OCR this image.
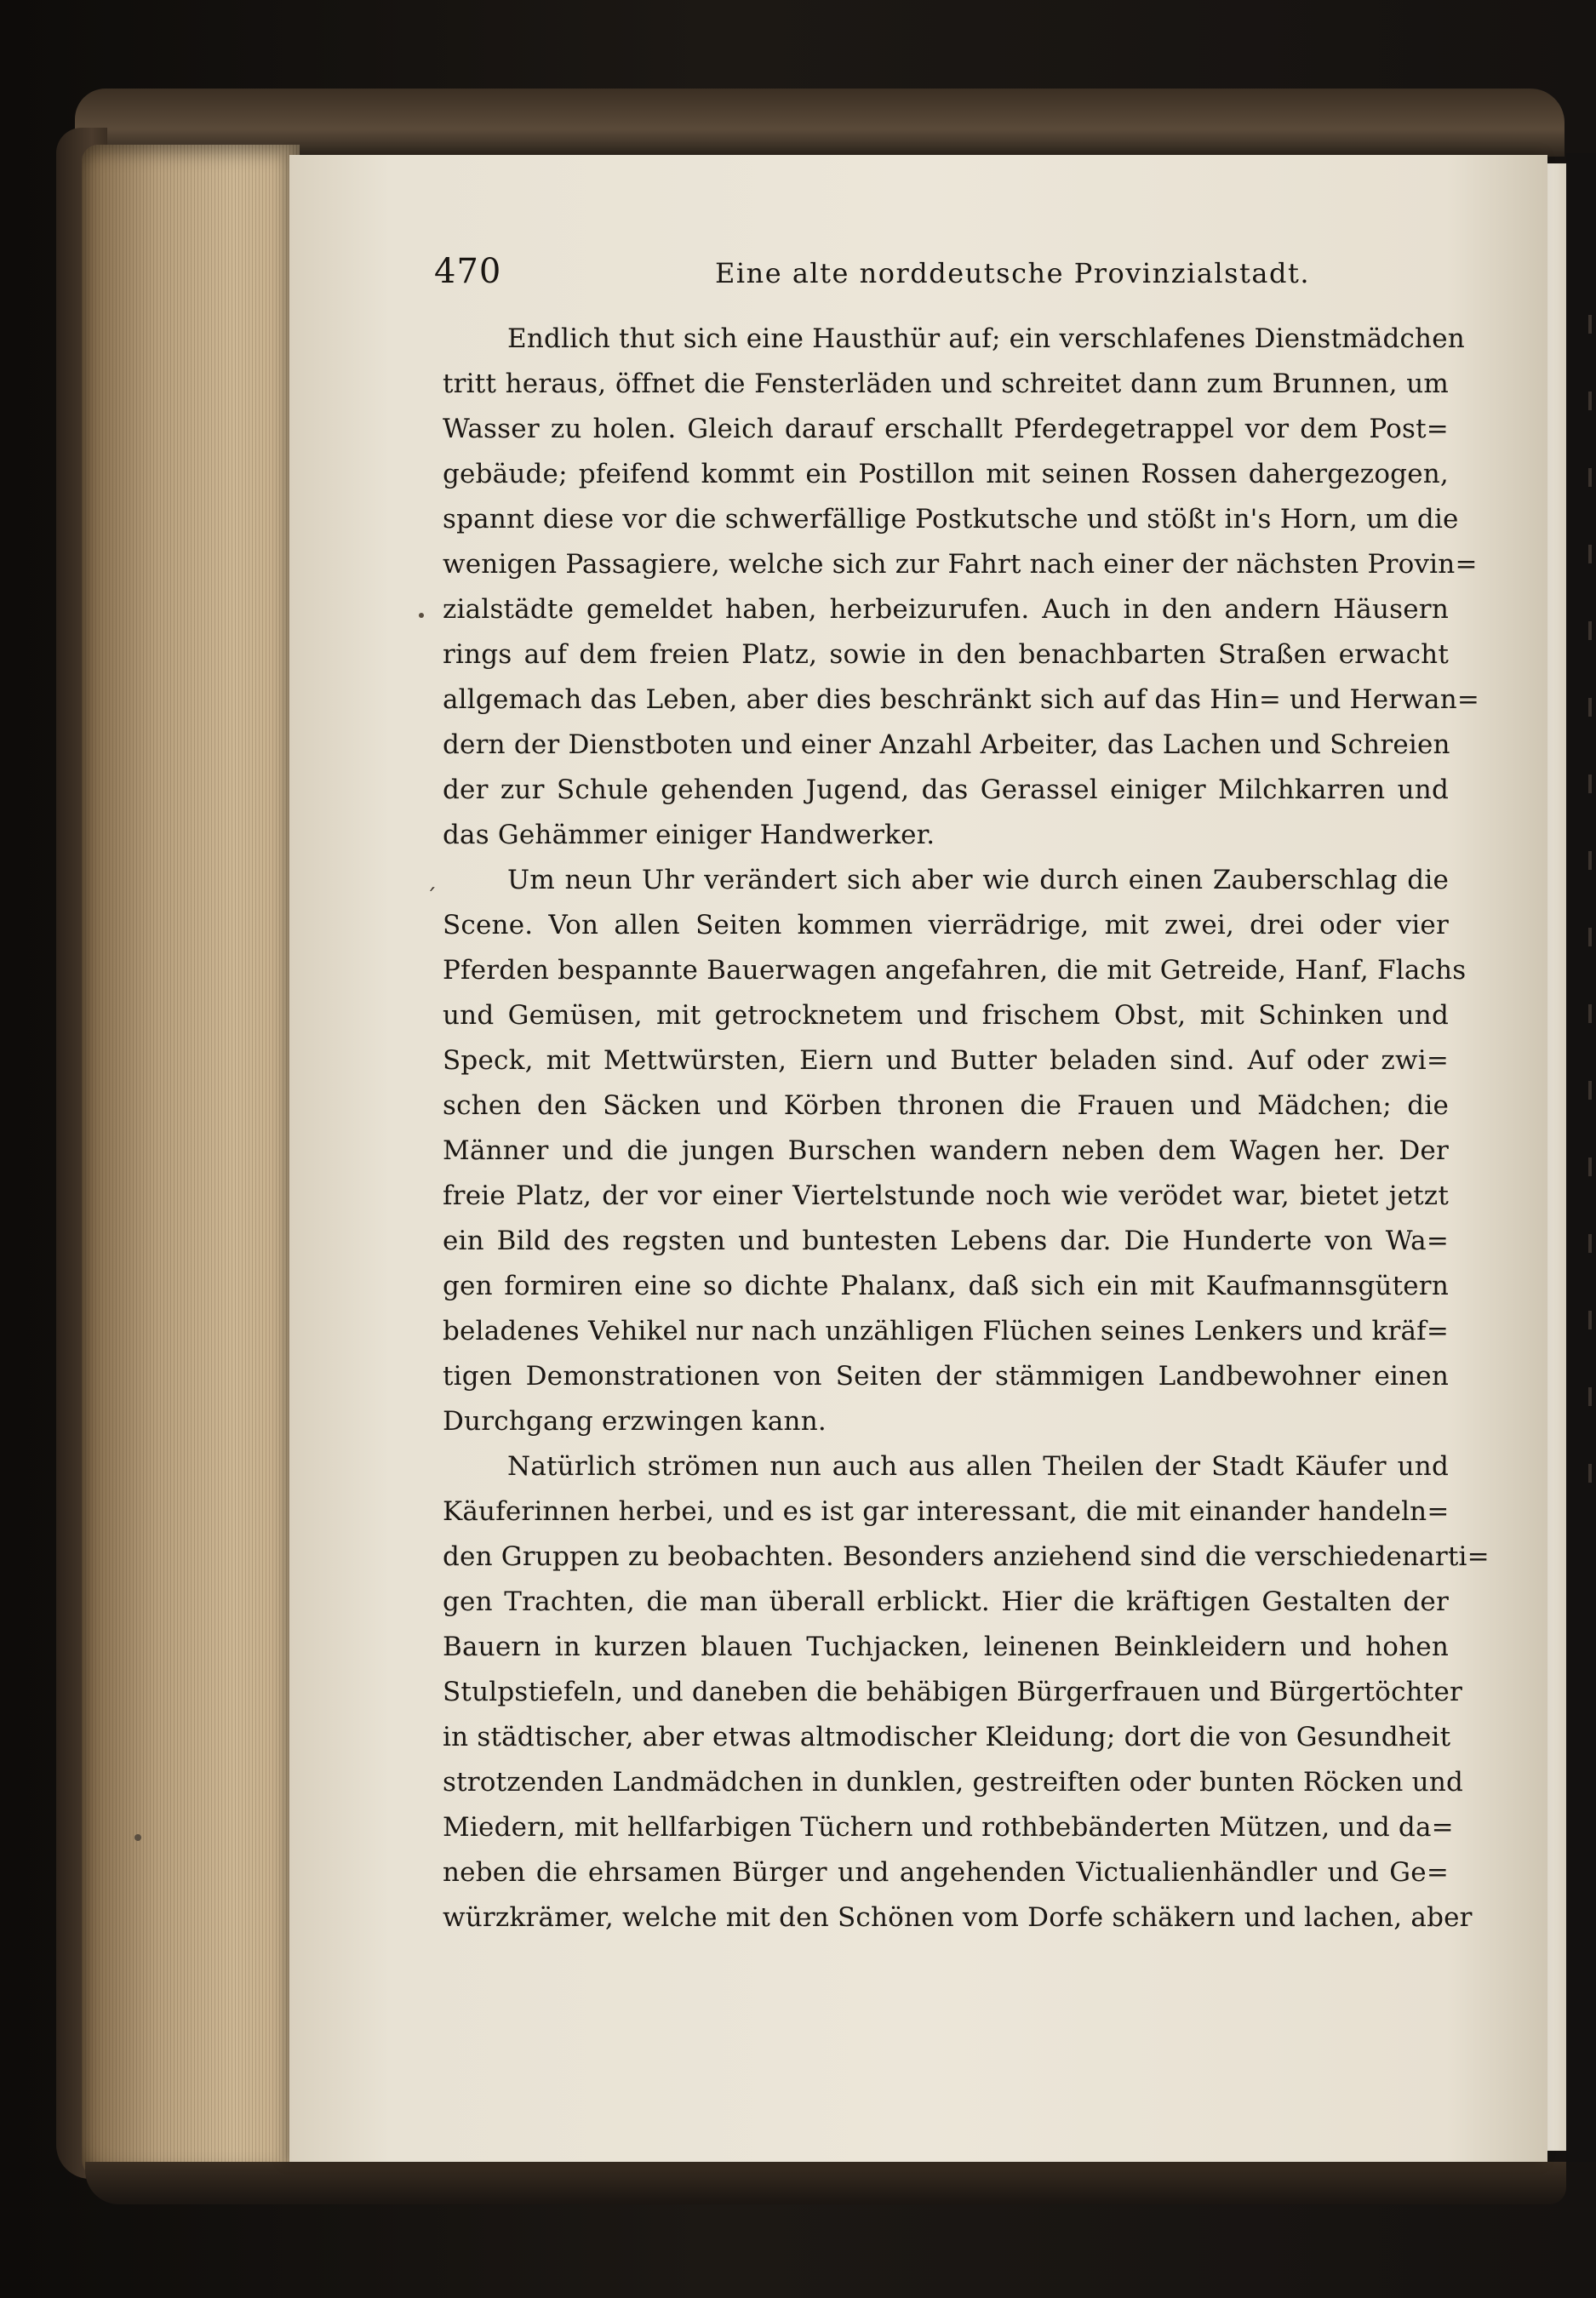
470	Eine alte norddeutsche Provinzialstadt.
Endlich thut sich eine Hausthür auf; ein verschlafenes Dienstmädchen
tritt heraus, öffnet die Fensterläden und schreitet dann zum Brunnen, um
Wasser zu holen. Gleich darauf erschallt Pferdegetrappel vor dem Post=
gebäude; pfeifend kommt ein Postillon mit seinen Rossen dahergezogen,
spannt diese vor die schwerfällige Postkutsche und stößt in's Horn, um die
wenigen Passagiere, welche sich zur Fahrt nach einer der nächsten Provin=
zialstädte gemeldet haben, herbeizurufen. Auch in den andern Häusern
rings auf dem freien Platz, sowie in den benachbarten Straßen erwacht
allgemach das Leben, aber dies beschränkt sich auf das Hin= und Herwan=
dern der Dienstboten und einer Anzahl Arbeiter, das Lachen und Schreien
der zur Schule gehenden Jugend, das Gerassel einiger Milchkarren und
das Gehämmer einiger Handwerker.
Um neun Uhr verändert sich aber wie durch einen Zauberschlag die
Scene. Von allen Seiten kommen vierrädrige, mit zwei, drei oder vier
Pferden bespannte Bauerwagen angefahren, die mit Getreide, Hanf, Flachs
und Gemüsen, mit getrocknetem und frischem Obst, mit Schinken und
Speck, mit Mettwürsten, Eiern und Butter beladen sind. Auf oder zwi=
schen den Säcken und Körben thronen die Frauen und Mädchen; die
Männer und die jungen Burschen wandern neben dem Wagen her. Der
freie Platz, der vor einer Viertelstunde noch wie verödet war, bietet jetzt
ein Bild des regsten und buntesten Lebens dar. Die Hunderte von Wa=
gen formiren eine so dichte Phalanx, daß sich ein mit Kaufmannsgütern
beladenes Vehikel nur nach unzähligen Flüchen seines Lenkers und kräf=
tigen Demonstrationen von Seiten der stämmigen Landbewohner einen
Durchgang erzwingen kann.
Natürlich strömen nun auch aus allen Theilen der Stadt Käufer und
Käuferinnen herbei, und es ist gar interessant, die mit einander handeln=
den Gruppen zu beobachten. Besonders anziehend sind die verschiedenarti=
gen Trachten, die man überall erblickt. Hier die kräftigen Gestalten der
Bauern in kurzen blauen Tuchjacken, leinenen Beinkleidern und hohen
Stulpstiefeln, und daneben die behäbigen Bürgerfrauen und Bürgertöchter
in städtischer, aber etwas altmodischer Kleidung; dort die von Gesundheit
strotzenden Landmädchen in dunklen, gestreiften oder bunten Röcken und
Miedern, mit hellfarbigen Tüchern und rothbebänderten Mützen, und da=
neben die ehrsamen Bürger und angehenden Victualienhändler und Ge=
würzkrämer, welche mit den Schönen vom Dorfe schäkern und lachen, aber
´
